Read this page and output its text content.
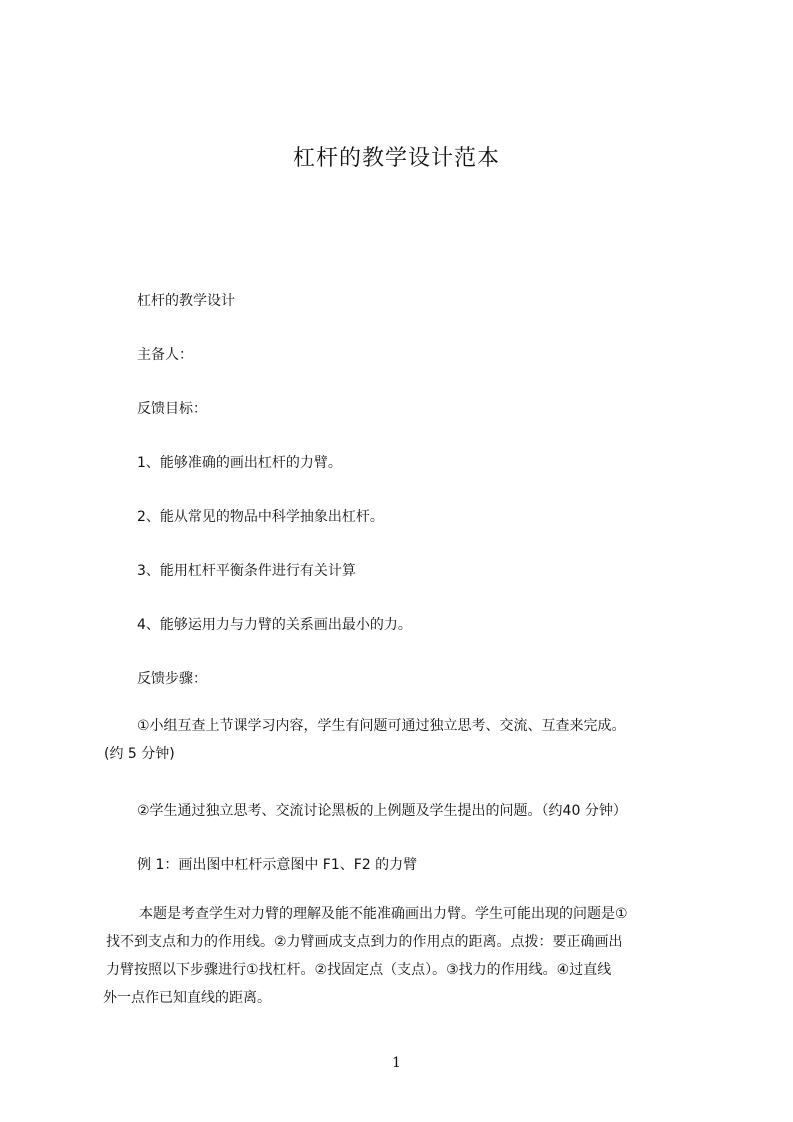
杠杆的教学设计范本
杠杆的教学设计
主备人：
反馈目标：
1、能够准确的画出杠杆的力臂。
2、能从常见的物品中科学抽象出杠杆。
3、能用杠杆平衡条件进行有关计算
4、能够运用力与力臂的关系画出最小的力。
反馈步骤：
①小组互查上节课学习内容，学生有问题可通过独立思考、交流、互查来完成。
(约 5 分钟)
②学生通过独立思考、交流讨论黑板的上例题及学生提出的问题。（约40 分钟）
例 1：画出图中杠杆示意图中 F1、F2 的力臂
本题是考查学生对力臂的理解及能不能准确画出力臂。学生可能出现的问题是①
找不到支点和力的作用线。②力臂画成支点到力的作用点的距离。点拨：要正确画出
力臂按照以下步骤进行①找杠杆。②找固定点（支点）。③找力的作用线。④过直线
外一点作已知直线的距离。
1
